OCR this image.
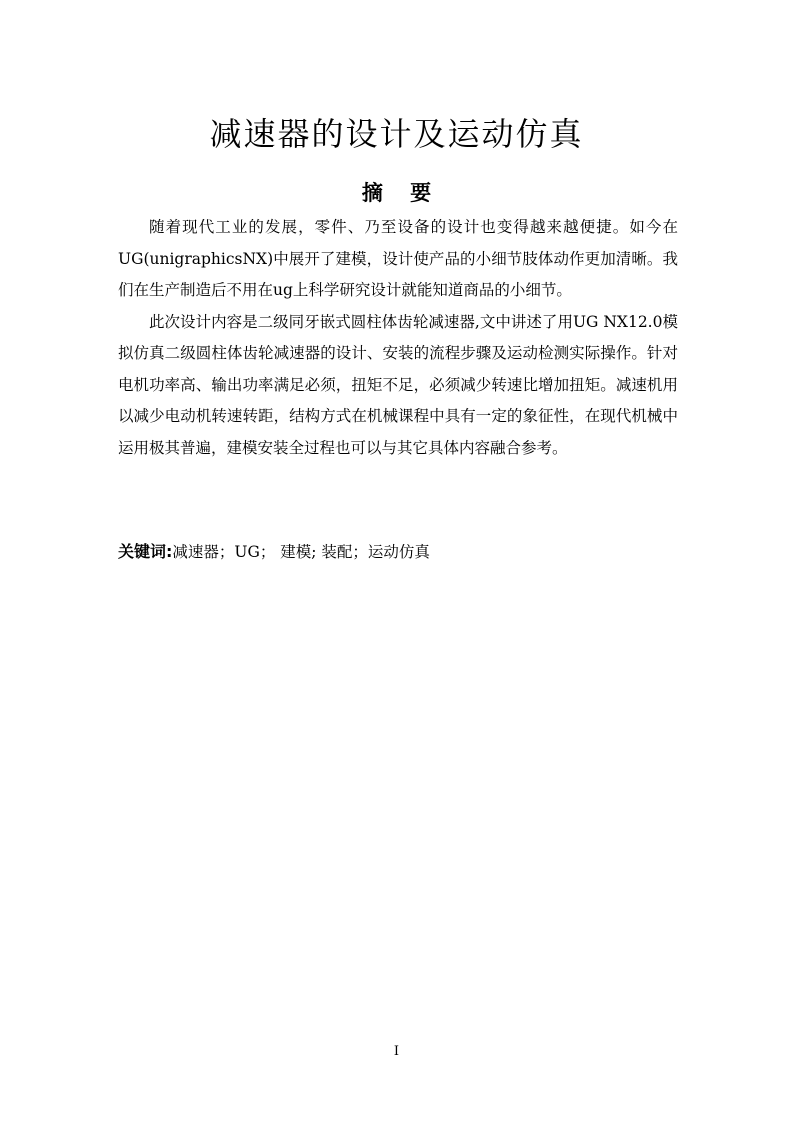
减速器的设计及运动仿真
摘 要

随着现代工业的发展，零件、乃至设备的设计也变得越来越便捷。如今在UG(unigraphicsNX)中展开了建模，设计使产品的小细节肢体动作更加清晰。我们在生产制造后不用在ug上科学研究设计就能知道商品的小细节。

此次设计内容是二级同牙嵌式圆柱体齿轮减速器,文中讲述了用UG NX12.0模拟仿真二级圆柱体齿轮减速器的设计、安装的流程步骤及运动检测实际操作。针对电机功率高、输出功率满足必须，扭矩不足，必须减少转速比增加扭矩。减速机用以减少电动机转速转距，结构方式在机械课程中具有一定的象征性，在现代机械中运用极其普遍，建模安装全过程也可以与其它具体内容融合参考。

关键词:减速器；UG； 建模; 装配；运动仿真

I
